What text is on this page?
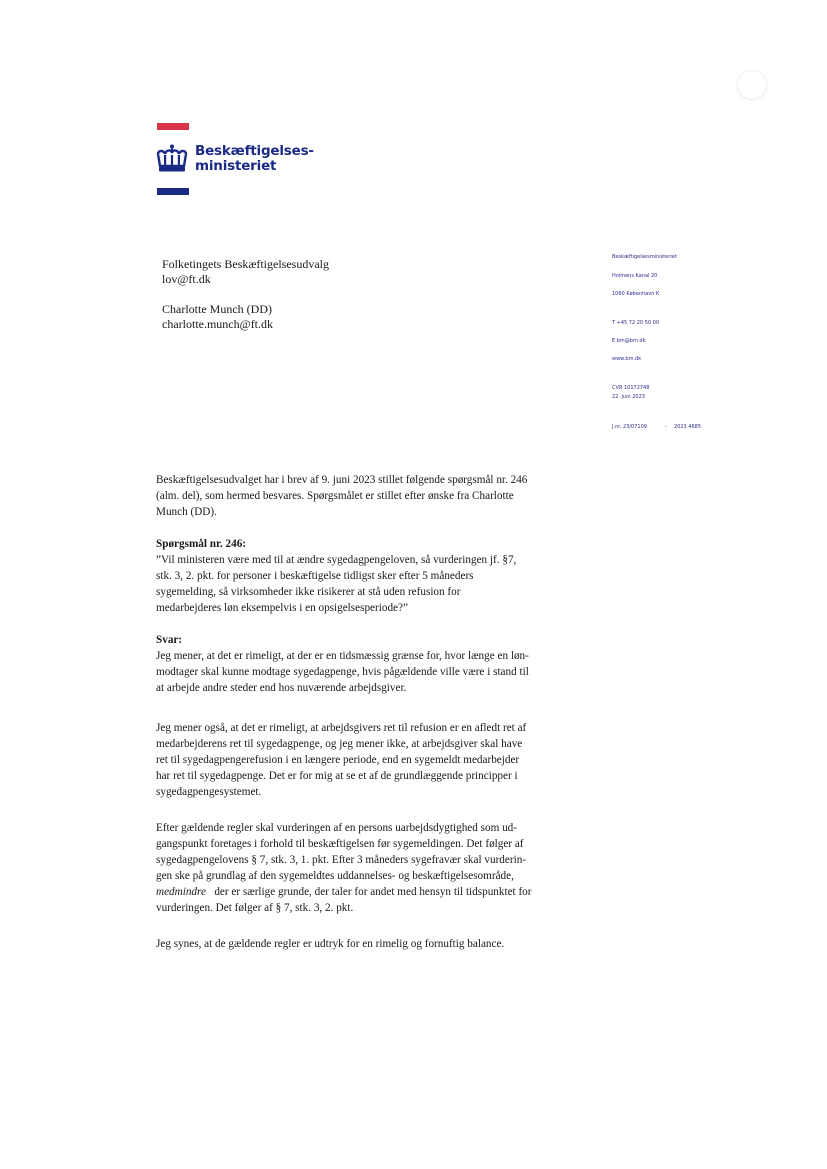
Beskæftigelses-
ministeriet
Folketingets Beskæftigelsesudvalg
lov@ft.dk
Charlotte Munch (DD)
charlotte.munch@ft.dk
Beskæftigelsesministeriet
Holmens Kanal 20
1060 København K
T +45 72 20 50 00
E bm@bm.dk
www.bm.dk
CVR 10172748
22. juni 2023
J.nr. 23/07109	- 2023 4685

Beskæftigelsesudvalget har i brev af 9. juni 2023 stillet følgende spørgsmål nr. 246
(alm. del), som hermed besvares. Spørgsmålet er stillet efter ønske fra Charlotte
Munch (DD).

Spørgsmål nr. 246:
”Vil ministeren være med til at ændre sygedagpengeloven, så vurderingen jf. §7,
stk. 3, 2. pkt. for personer i beskæftigelse tidligst sker efter 5 måneders
sygemelding, så virksomheder ikke risikerer at stå uden refusion for
medarbejderes løn eksempelvis i en opsigelsesperiode?”

Svar:
Jeg mener, at det er rimeligt, at der er en tidsmæssig grænse for, hvor længe en løn-
modtager skal kunne modtage sygedagpenge, hvis pågældende ville være i stand til
at arbejde andre steder end hos nuværende arbejdsgiver.

Jeg mener også, at det er rimeligt, at arbejdsgivers ret til refusion er en afledt ret af
medarbejderens ret til sygedagpenge, og jeg mener ikke, at arbejdsgiver skal have
ret til sygedagpengerefusion i en længere periode, end en sygemeldt medarbejder
har ret til sygedagpenge. Det er for mig at se et af de grundlæggende principper i
sygedagpengesystemet.

Efter gældende regler skal vurderingen af en persons uarbejdsdygtighed som ud-
gangspunkt foretages i forhold til beskæftigelsen før sygemeldingen. Det følger af
sygedagpengelovens § 7, stk. 3, 1. pkt. Efter 3 måneders sygefravær skal vurderin-
gen ske på grundlag af den sygemeldtes uddannelses- og beskæftigelsesområde,
medmindre   der er særlige grunde, der taler for andet med hensyn til tidspunktet for
vurderingen. Det følger af § 7, stk. 3, 2. pkt.

Jeg synes, at de gældende regler er udtryk for en rimelig og fornuftig balance.
